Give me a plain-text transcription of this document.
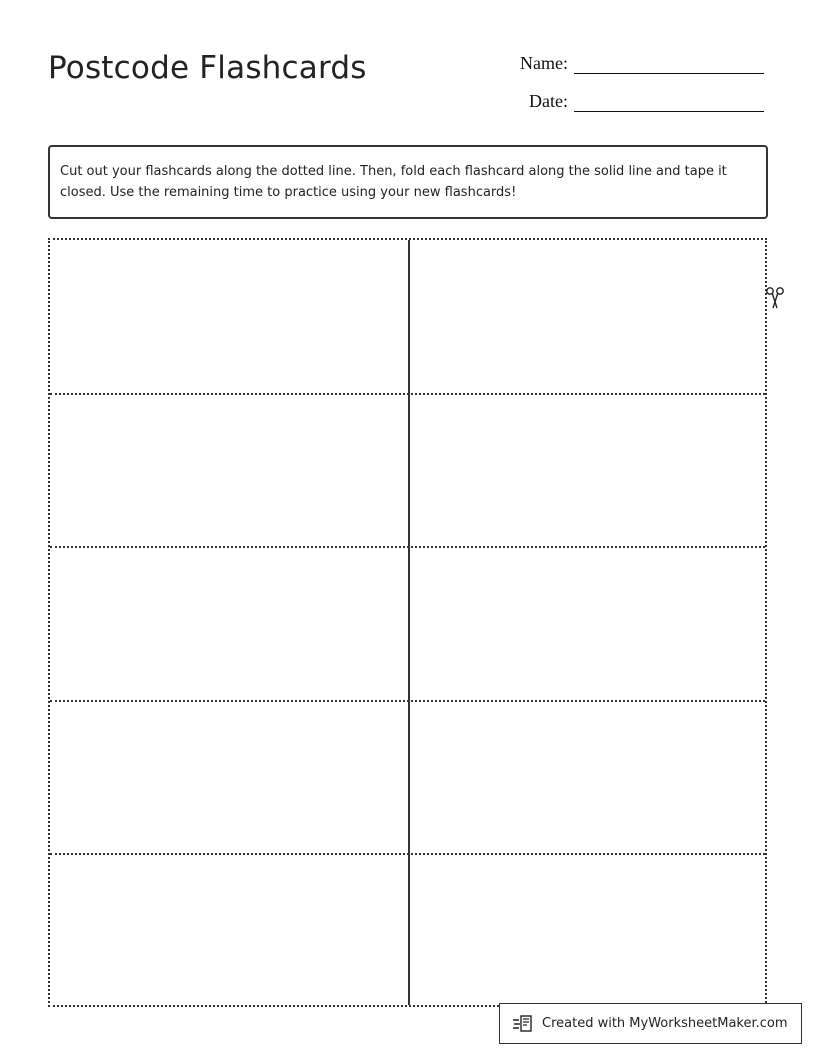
Postcode Flashcards	Name:
Date:
Cut out your flashcards along the dotted line. Then, fold each flashcard along the solid line and tape it closed. Use the remaining time to practice using your new flashcards!
Created with MyWorksheetMaker.com
